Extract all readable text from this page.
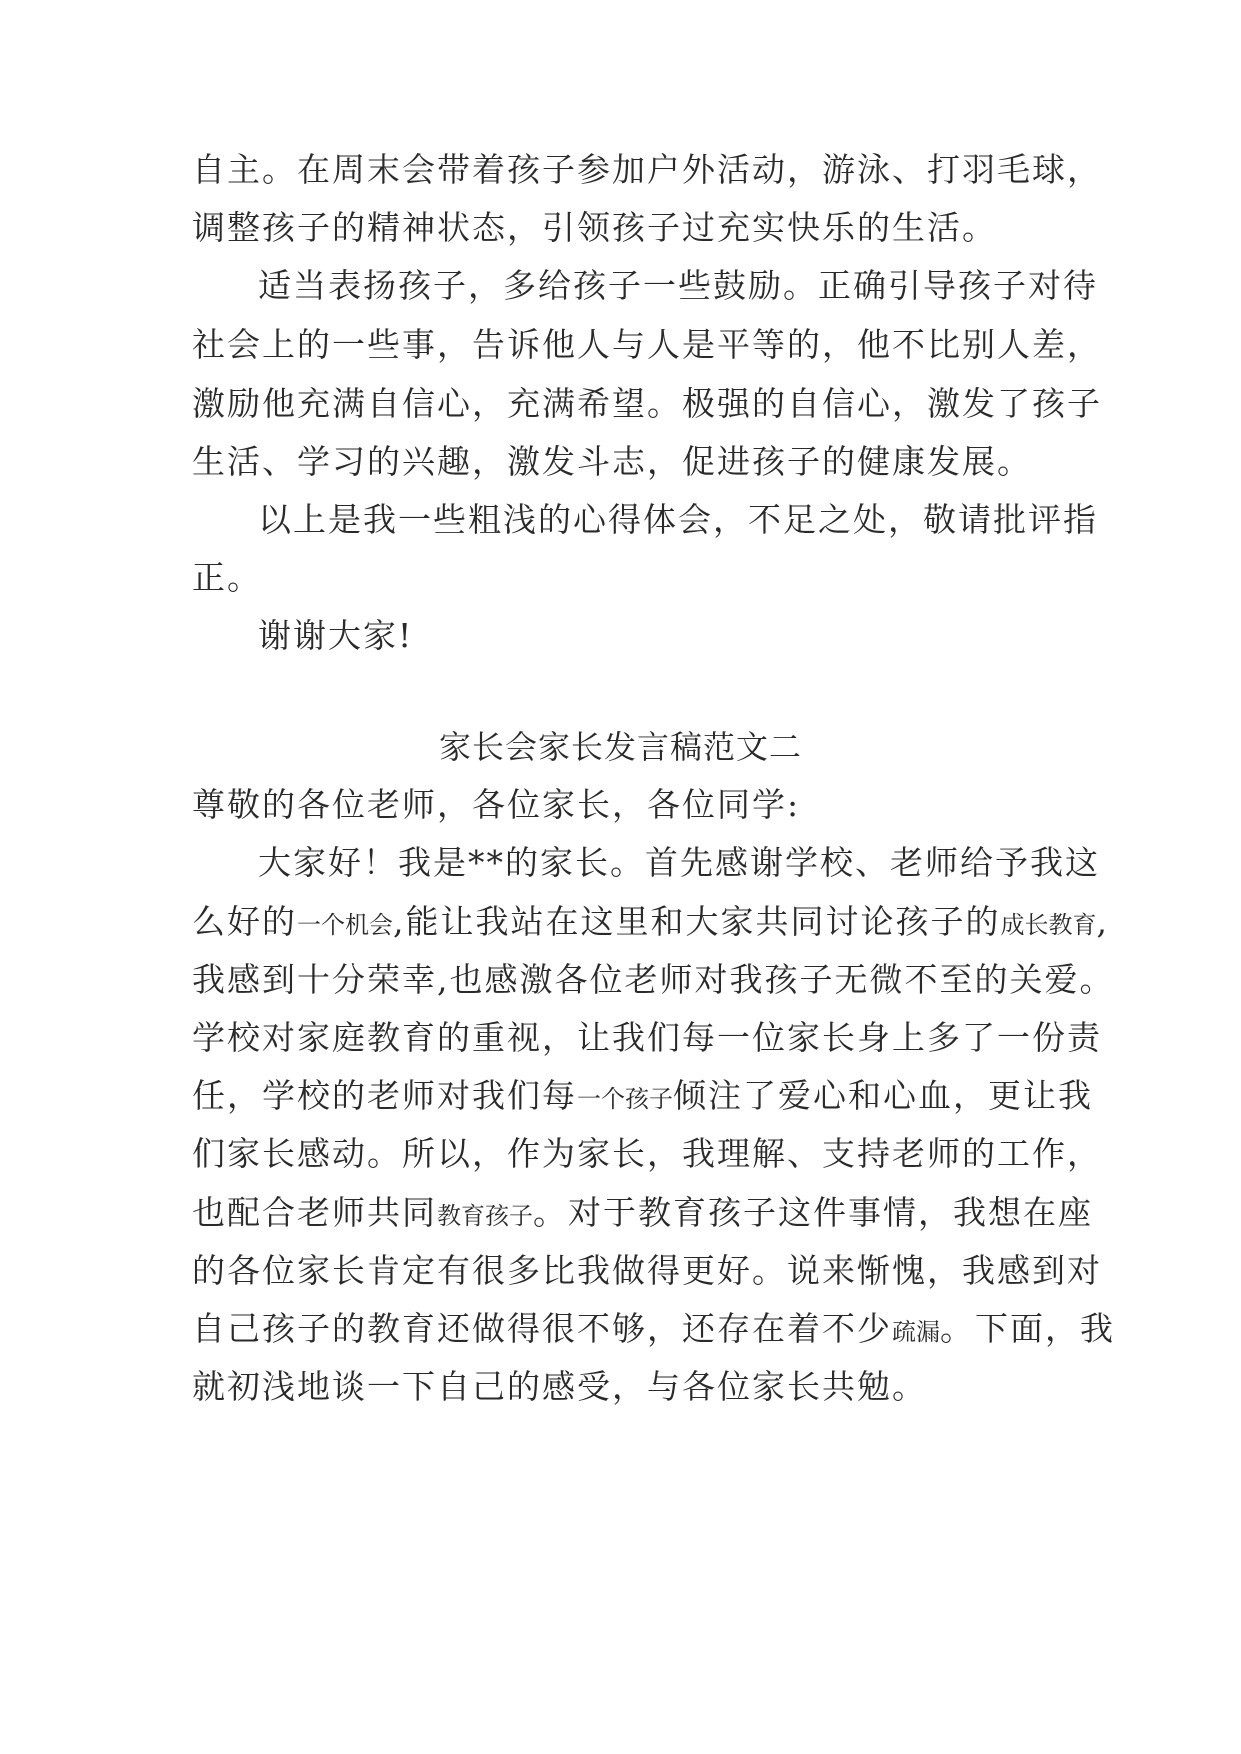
自主。在周末会带着孩子参加户外活动，游泳、打羽毛球，
调整孩子的精神状态，引领孩子过充实快乐的生活。
适当表扬孩子，多给孩子一些鼓励。正确引导孩子对待
社会上的一些事，告诉他人与人是平等的，他不比别人差，
激励他充满自信心，充满希望。极强的自信心，激发了孩子
生活、学习的兴趣，激发斗志，促进孩子的健康发展。
以上是我一些粗浅的心得体会，不足之处，敬请批评指
正。
谢谢大家!
家长会家长发言稿范文二
尊敬的各位老师，各位家长，各位同学:
大家好！我是**的家长。首先感谢学校、老师给予我这
么好的一个机会,能让我站在这里和大家共同讨论孩子的成长教育,
我感到十分荣幸,也感激各位老师对我孩子无微不至的关爱。
学校对家庭教育的重视，让我们每一位家长身上多了一份责
任，学校的老师对我们每一个孩子倾注了爱心和心血，更让我
们家长感动。所以，作为家长，我理解、支持老师的工作，
也配合老师共同教育孩子。对于教育孩子这件事情，我想在座
的各位家长肯定有很多比我做得更好。说来惭愧，我感到对
自己孩子的教育还做得很不够，还存在着不少疏漏。下面，我
就初浅地谈一下自己的感受，与各位家长共勉。
